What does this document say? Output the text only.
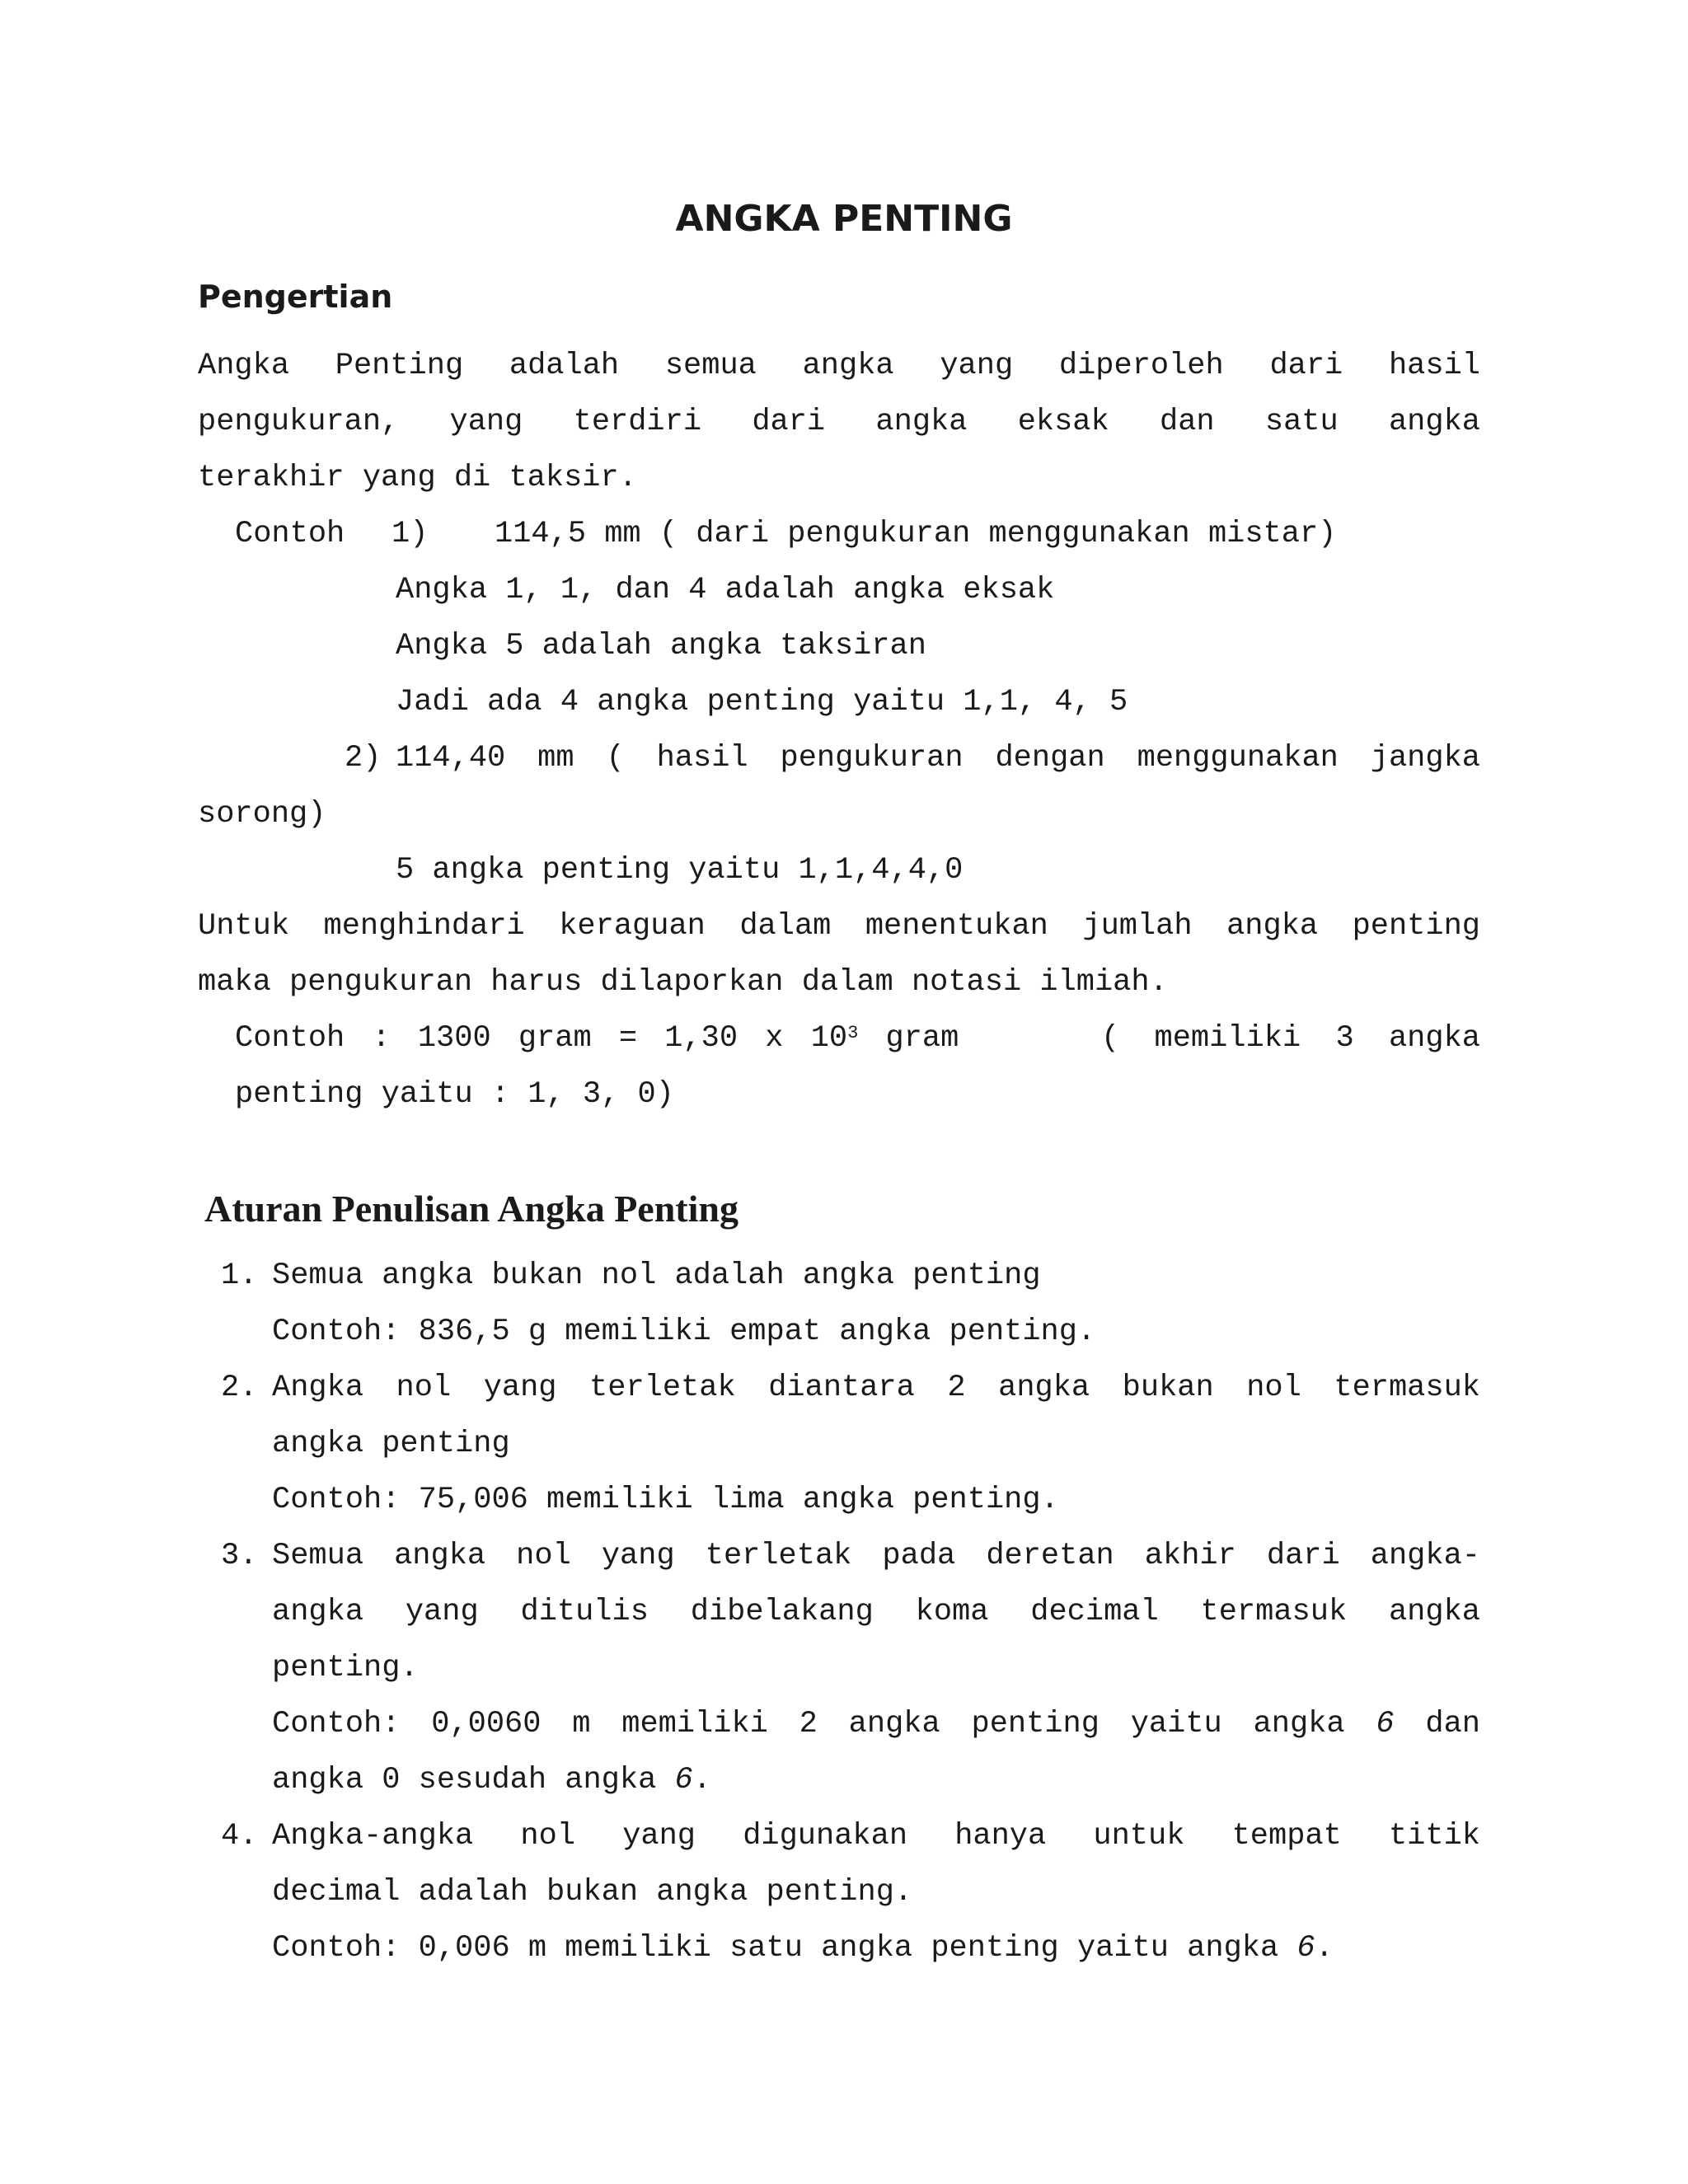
ANGKA PENTING
Pengertian
Angka Penting adalah semua angka yang diperoleh dari hasil
pengukuran, yang terdiri dari angka eksak dan satu angka
terakhir yang di taksir.
Contoh 1) 114,5 mm ( dari pengukuran menggunakan mistar)
Angka 1, 1, dan 4 adalah angka eksak
Angka 5 adalah angka taksiran
Jadi ada 4 angka penting yaitu 1,1, 4, 5
2) 114,40 mm ( hasil pengukuran dengan menggunakan jangka
sorong)
5 angka penting yaitu 1,1,4,4,0
Untuk menghindari keraguan dalam menentukan jumlah angka penting
maka pengukuran harus dilaporkan dalam notasi ilmiah.
Contoh : 1300 gram = 1,30 x $10^3$ gram	( memiliki 3 angka
penting yaitu : 1, 3, 0)
Aturan Penulisan Angka Penting
1. Semua angka bukan nol adalah angka penting
Contoh: 836,5 g memiliki empat angka penting.
2. Angka nol yang terletak diantara 2 angka bukan nol termasuk
angka penting
Contoh: 75,006 memiliki lima angka penting.
3. Semua angka nol yang terletak pada deretan akhir dari angka-
angka yang ditulis dibelakang koma decimal termasuk angka
penting.
Contoh: 0,0060 m memiliki 2 angka penting yaitu angka 6 dan
angka 0 sesudah angka 6.
4. Angka-angka nol yang digunakan hanya untuk tempat titik
decimal adalah bukan angka penting.
Contoh: 0,006 m memiliki satu angka penting yaitu angka 6.
